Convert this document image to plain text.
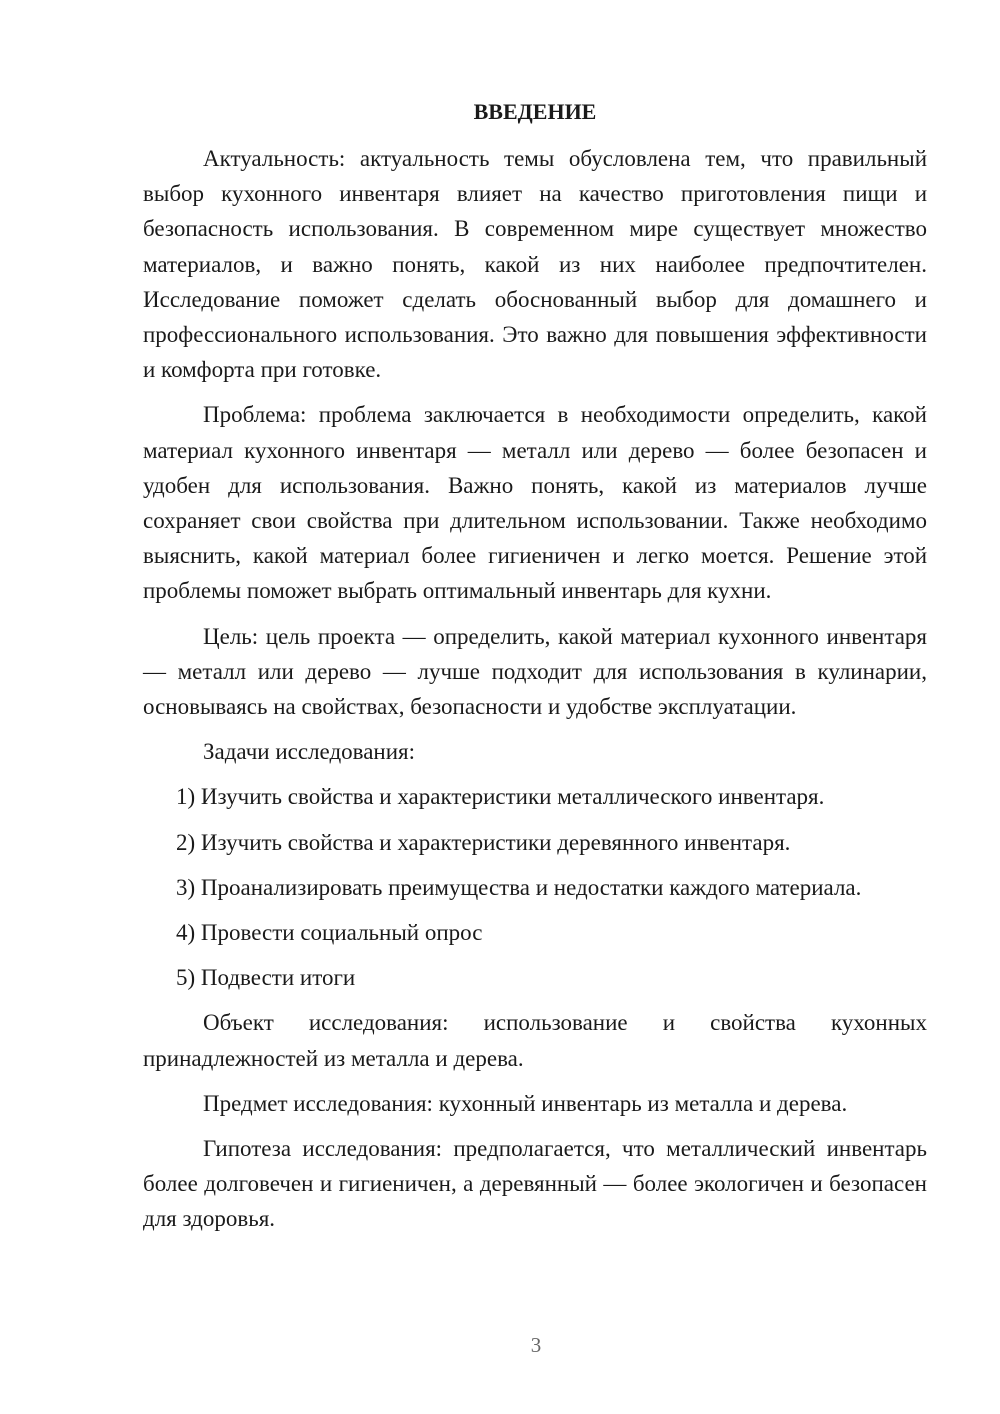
ВВЕДЕНИЕ

Актуальность: актуальность темы обусловлена тем, что правильный выбор кухонного инвентаря влияет на качество приготовления пищи и безопасность использования. В современном мире существует множество материалов, и важно понять, какой из них наиболее предпочтителен. Исследование поможет сделать обоснованный выбор для домашнего и профессионального использования. Это важно для повышения эффективности и комфорта при готовке.

Проблема: проблема заключается в необходимости определить, какой материал кухонного инвентаря — металл или дерево — более безопасен и удобен для использования. Важно понять, какой из материалов лучше сохраняет свои свойства при длительном использовании. Также необходимо выяснить, какой материал более гигиеничен и легко моется. Решение этой проблемы поможет выбрать оптимальный инвентарь для кухни.

Цель: цель проекта — определить, какой материал кухонного инвентаря — металл или дерево — лучше подходит для использования в кулинарии, основываясь на свойствах, безопасности и удобстве эксплуатации.

Задачи исследования:

1) Изучить свойства и характеристики металлического инвентаря.
2) Изучить свойства и характеристики деревянного инвентаря.
3) Проанализировать преимущества и недостатки каждого материала.
4) Провести социальный опрос
5) Подвести итоги

Объект исследования: использование и свойства кухонных принадлежностей из металла и дерева.

Предмет исследования: кухонный инвентарь из металла и дерева.

Гипотеза исследования: предполагается, что металлический инвентарь более долговечен и гигиеничен, а деревянный — более экологичен и безопасен для здоровья.

3
